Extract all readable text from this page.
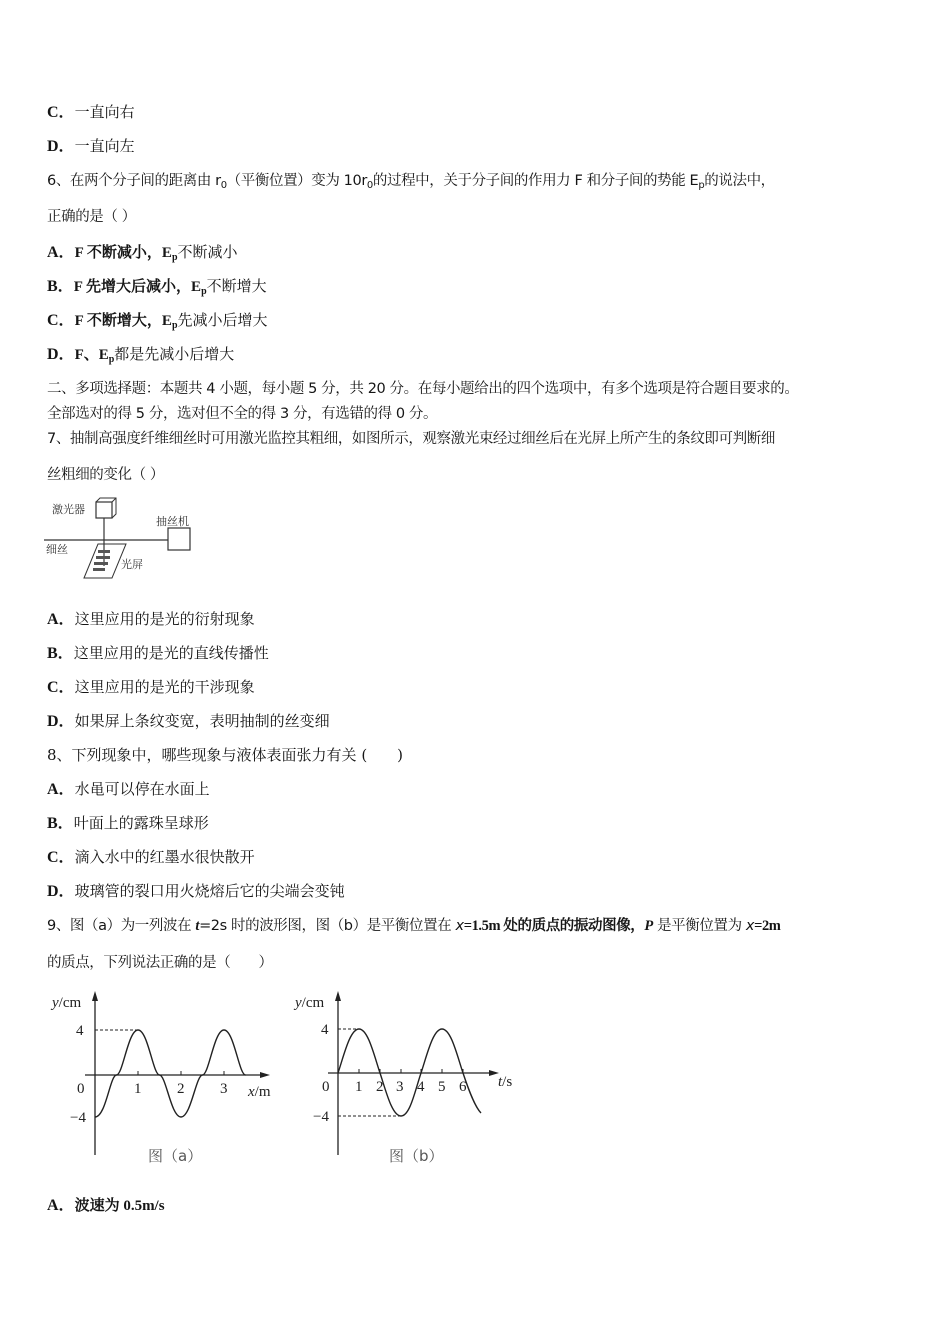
C．一直向右
D．一直向左
6、在两个分子间的距离由 $r_0$（平衡位置）变为 $10r_0$的过程中，关于分子间的作用力 F 和分子间的势能 $E_p$的说法中，
正确的是（ ）
A．F 不断减小，$E_p$不断减小
B．F 先增大后减小，$E_p$不断增大
C．F 不断增大，$E_p$先减小后增大
D．F、$E_p$都是先减小后增大
二、多项选择题：本题共 4 小题，每小题 5 分，共 20 分。在每小题给出的四个选项中，有多个选项是符合题目要求的。
全部选对的得 5 分，选对但不全的得 3 分，有选错的得 0 分。
7、抽制高强度纤维细丝时可用激光监控其粗细，如图所示，观察激光束经过细丝后在光屏上所产生的条纹即可判断细
丝粗细的变化（ ）
激光器
抽丝机
细丝
光屏
A．这里应用的是光的衍射现象
B．这里应用的是光的直线传播性
C．这里应用的是光的干涉现象
D．如果屏上条纹变宽，表明抽制的丝变细
8、下列现象中，哪些现象与液体表面张力有关 (　　)
A．水黾可以停在水面上
B．叶面上的露珠呈球形
C．滴入水中的红墨水很快散开
D．玻璃管的裂口用火烧熔后它的尖端会变钝
9、图（a）为一列波在 t=2s 时的波形图，图（b）是平衡位置在 x=1.5m 处的质点的振动图像，P 是平衡位置为 x=2m
的质点，下列说法正确的是（　　）
y/cm
4
−4
0	1 2 3 x/m
图（a）
y/cm
4
−4
0 1 2 3 4 5 6 t/s
图（b）
A．波速为 0.5m/s
